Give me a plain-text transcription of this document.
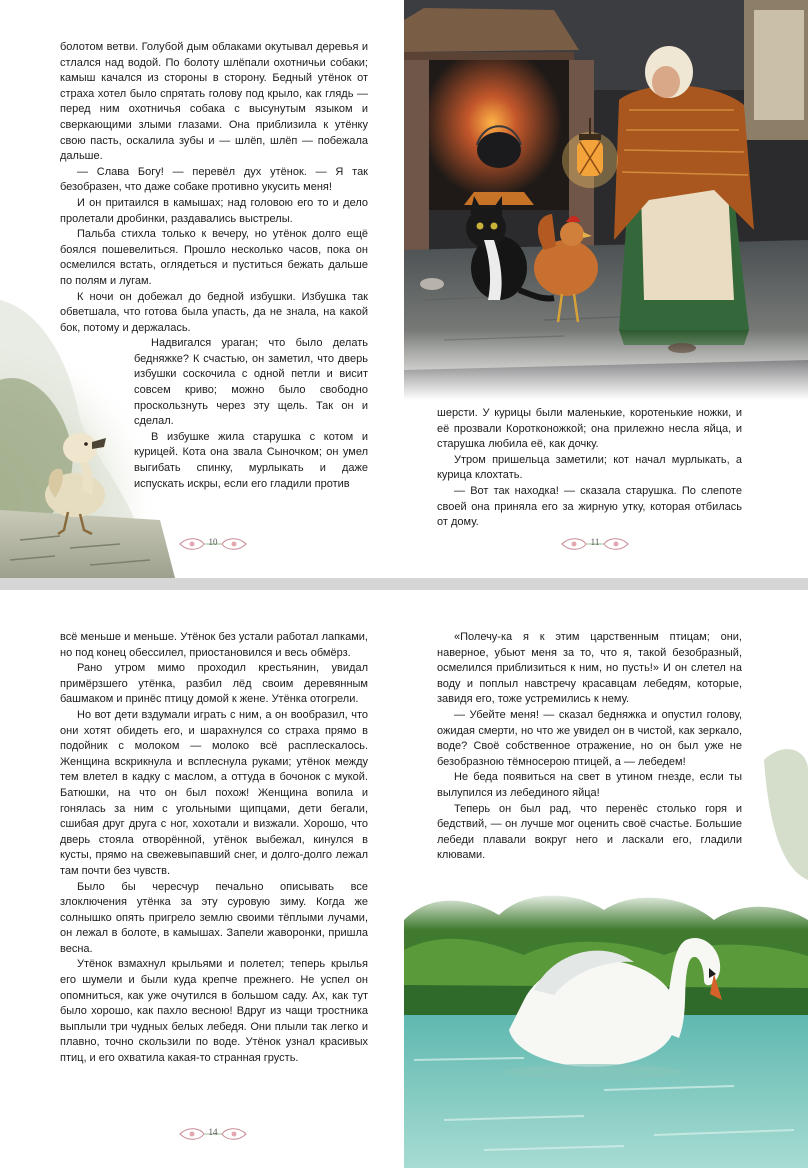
болотом ветви. Голубой дым облаками окутывал деревья и стлался над водой. По болоту шлёпали охотничьи собаки; камыш качался из стороны в сторону. Бедный утёнок от страха хотел было спрятать голову под крыло, как глядь — перед ним охотничья собака с высунутым языком и сверкающими злыми глазами. Она приблизила к утёнку свою пасть, оскалила зубы и — шлёп, шлёп — побежала дальше.

— Слава Богу! — перевёл дух утёнок. — Я так безобразен, что даже собаке противно укусить меня!

И он притаился в камышах; над головою его то и дело пролетали дробинки, раздавались выстрелы.

Пальба стихла только к вечеру, но утёнок долго ещё боялся пошевелиться. Прошло несколько часов, пока он осмелился встать, оглядеться и пуститься бежать дальше по полям и лугам.

К ночи он добежал до бедной избушки. Избушка так обветшала, что готова была упасть, да не знала, на какой бок, потому и держалась.

Надвигался ураган; что было делать бедняжке? К счастью, он заметил, что дверь избушки соскочила с одной петли и висит совсем криво; можно было свободно проскользнуть через эту щель. Так он и сделал.

В избушке жила старушка с котом и курицей. Кота она звала Сыночком; он умел выгибать спинку, мурлыкать и даже испускать искры, если его гладили против

10

шерсти. У курицы были маленькие, коротенькие ножки, и её прозвали Коротконожкой; она прилежно несла яйца, и старушка любила её, как дочку.

Утром пришельца заметили; кот начал мурлыкать, а курица клохтать.

— Вот так находка! — сказала старушка. По слепоте своей она приняла его за жирную утку, которая отбилась от дому.

11

всё меньше и меньше. Утёнок без устали работал лапками, но под конец обессилел, приостановился и весь обмёрз.

Рано утром мимо проходил крестьянин, увидал примёрзшего утёнка, разбил лёд своим деревянным башмаком и принёс птицу домой к жене. Утёнка отогрели.

Но вот дети вздумали играть с ним, а он вообразил, что они хотят обидеть его, и шарахнулся со страха прямо в подойник с молоком — молоко всё расплескалось. Женщина вскрикнула и всплеснула руками; утёнок между тем влетел в кадку с маслом, а оттуда в бочонок с мукой. Батюшки, на что он был похож! Женщина вопила и гонялась за ним с угольными щипцами, дети бегали, сшибая друг друга с ног, хохотали и визжали. Хорошо, что дверь стояла отворённой, утёнок выбежал, кинулся в кусты, прямо на свежевыпавший снег, и долго-долго лежал там почти без чувств.

Было бы чересчур печально описывать все злоключения утёнка за эту суровую зиму. Когда же солнышко опять пригрело землю своими тёплыми лучами, он лежал в болоте, в камышах. Запели жаворонки, пришла весна.

Утёнок взмахнул крыльями и полетел; теперь крылья его шумели и были куда крепче прежнего. Не успел он опомниться, как уже очутился в большом саду. Ах, как тут было хорошо, как пахло весною! Вдруг из чащи тростника выплыли три чудных белых лебедя. Они плыли так легко и плавно, точно скользили по воде. Утёнок узнал красивых птиц, и его охватила какая-то странная грусть.

14

«Полечу-ка я к этим царственным птицам; они, наверное, убьют меня за то, что я, такой безобразный, осмелился приблизиться к ним, но пусть!» И он слетел на воду и поплыл навстречу красавцам лебедям, которые, завидя его, тоже устремились к нему.

— Убейте меня! — сказал бедняжка и опустил голову, ожидая смерти, но что же увидел он в чистой, как зеркало, воде? Своё собственное отражение, но он был уже не безобразною тёмносерою птицей, а — лебедем!

Не беда появиться на свет в утином гнезде, если ты вылупился из лебединого яйца!

Теперь он был рад, что перенёс столько горя и бедствий, — он лучше мог оценить своё счастье. Большие лебеди плавали вокруг него и ласкали его, гладили клювами.
